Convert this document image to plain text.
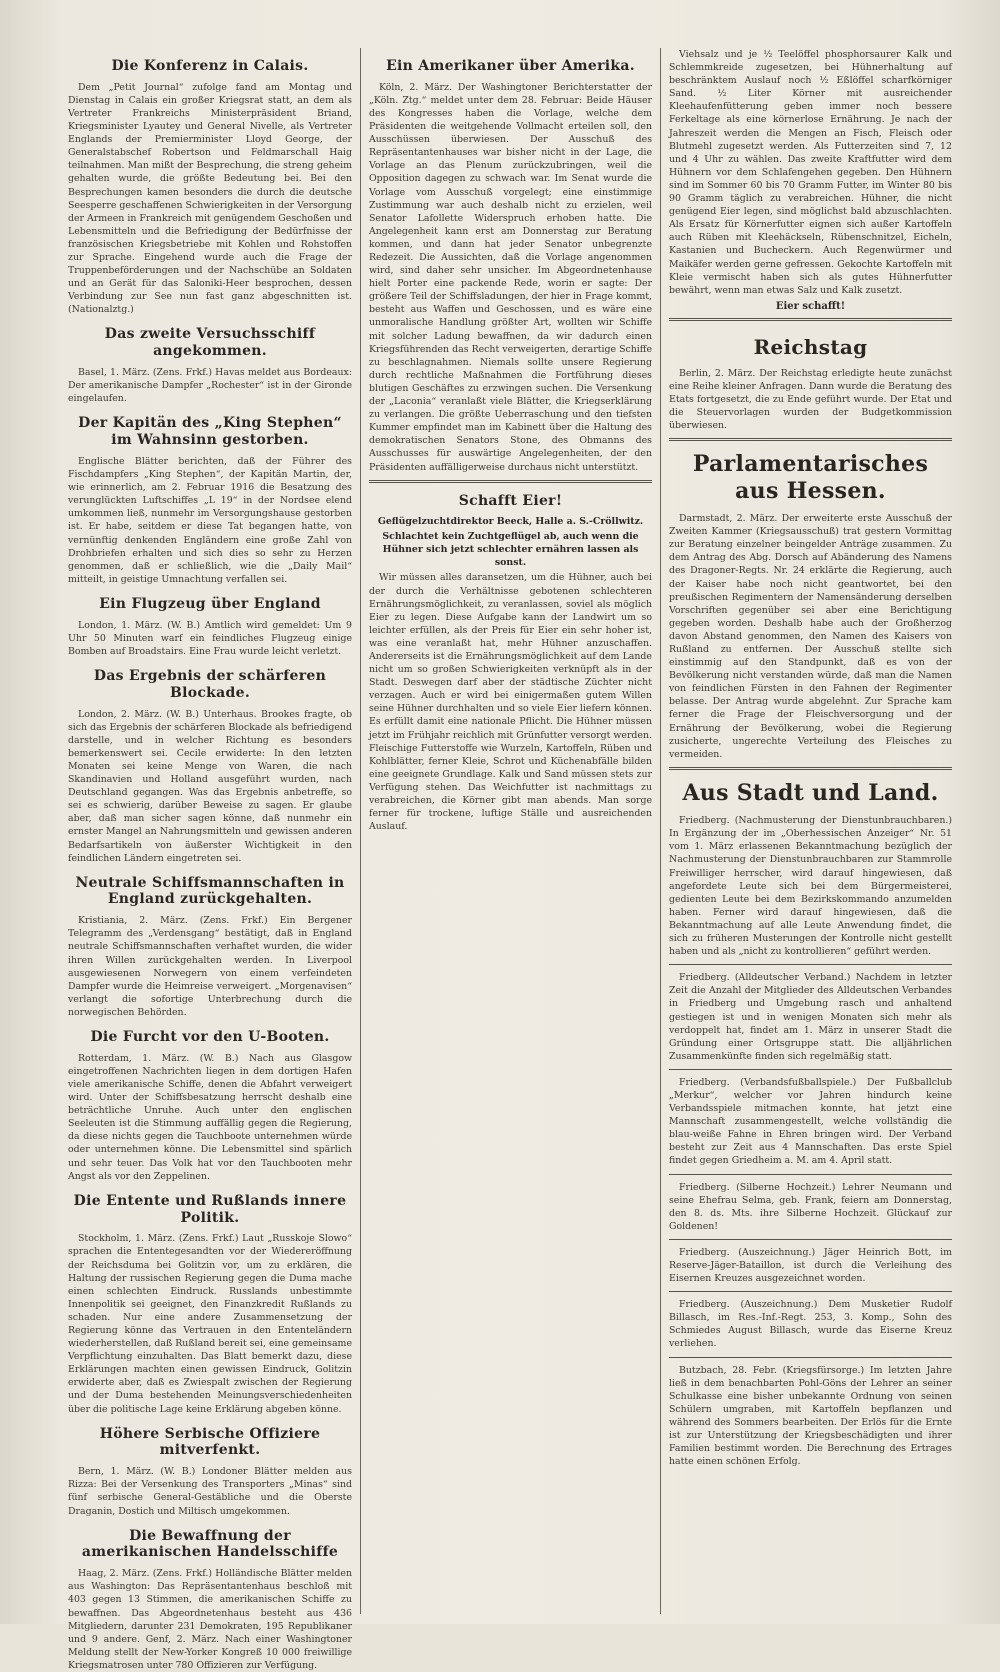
Die Konferenz in Calais.

Dem „Petit Journal“ zufolge fand am Montag und Dienstag in Calais ein großer Kriegsrat statt, an dem als Vertreter Frankreichs Ministerpräsident Briand, Kriegsminister Lyautey und General Nivelle, als Vertreter Englands der Premierminister Lloyd George, der Generalstabschef Robertson und Feldmarschall Haig teilnahmen. Man mißt der Besprechung, die streng geheim gehalten wurde, die größte Bedeutung bei. Bei den Besprechungen kamen besonders die durch die deutsche Seesperre geschaffenen Schwierigkeiten in der Versorgung der Armeen in Frankreich mit genügendem Geschoßen und Lebensmitteln und die Befriedigung der Bedürfnisse der französischen Kriegsbetriebe mit Kohlen und Rohstoffen zur Sprache. Eingehend wurde auch die Frage der Truppenbeförderungen und der Nachschübe an Soldaten und an Gerät für das Saloniki-Heer besprochen, dessen Verbindung zur See nun fast ganz abgeschnitten ist. (Nationalztg.)

Das zweite Versuchsschiff angekommen.

Basel, 1. März. (Zens. Frkf.) Havas meldet aus Bordeaux: Der amerikanische Dampfer „Rochester“ ist in der Gironde eingelaufen.

Der Kapitän des „King Stephen“ im Wahnsinn gestorben.

Englische Blätter berichten, daß der Führer des Fischdampfers „King Stephen“, der Kapitän Martin, der, wie erinnerlich, am 2. Februar 1916 die Besatzung des verunglückten Luftschiffes „L 19“ in der Nordsee elend umkommen ließ, nunmehr im Versorgungshause gestorben ist. Er habe, seitdem er diese Tat begangen hatte, von vernünftig denkenden Engländern eine große Zahl von Drohbriefen erhalten und sich dies so sehr zu Herzen genommen, daß er schließlich, wie die „Daily Mail“ mitteilt, in geistige Umnachtung verfallen sei.

Ein Flugzeug über England

London, 1. März. (W. B.) Amtlich wird gemeldet: Um 9 Uhr 50 Minuten warf ein feindliches Flugzeug einige Bomben auf Broadstairs. Eine Frau wurde leicht verletzt.

Das Ergebnis der schärferen Blockade.

London, 2. März. (W. B.) Unterhaus. Brookes fragte, ob sich das Ergebnis der schärferen Blockade als befriedigend darstelle, und in welcher Richtung es besonders bemerkenswert sei. Cecile erwiderte: In den letzten Monaten sei keine Menge von Waren, die nach Skandinavien und Holland ausgeführt wurden, nach Deutschland gegangen. Was das Ergebnis anbetreffe, so sei es schwierig, darüber Beweise zu sagen. Er glaube aber, daß man sicher sagen könne, daß nunmehr ein ernster Mangel an Nahrungsmitteln und gewissen anderen Bedarfsartikeln von äußerster Wichtigkeit in den feindlichen Ländern eingetreten sei.

Neutrale Schiffsmannschaften in England zurückgehalten.

Kristiania, 2. März. (Zens. Frkf.) Ein Bergener Telegramm des „Verdensgang“ bestätigt, daß in England neutrale Schiffsmannschaften verhaftet wurden, die wider ihren Willen zurückgehalten werden. In Liverpool ausgewiesenen Norwegern von einem verfeindeten Dampfer wurde die Heimreise verweigert. „Morgenavisen“ verlangt die sofortige Unterbrechung durch die norwegischen Behörden.

Die Furcht vor den U-Booten.

Rotterdam, 1. März. (W. B.) Nach aus Glasgow eingetroffenen Nachrichten liegen in dem dortigen Hafen viele amerikanische Schiffe, denen die Abfahrt verweigert wird. Unter der Schiffsbesatzung herrscht deshalb eine beträchtliche Unruhe. Auch unter den englischen Seeleuten ist die Stimmung auffällig gegen die Regierung, da diese nichts gegen die Tauchboote unternehmen würde oder unternehmen könne. Die Lebensmittel sind spärlich und sehr teuer. Das Volk hat vor den Tauchbooten mehr Angst als vor den Zeppelinen.

Die Entente und Rußlands innere Politik.

Stockholm, 1. März. (Zens. Frkf.) Laut „Russkoje Slowo“ sprachen die Ententegesandten vor der Wiedereröffnung der Reichsduma bei Golitzin vor, um zu erklären, die Haltung der russischen Regierung gegen die Duma mache einen schlechten Eindruck. Russlands unbestimmte Innenpolitik sei geeignet, den Finanzkredit Rußlands zu schaden. Nur eine andere Zusammensetzung der Regierung könne das Vertrauen in den Ententeländern wiederherstellen, daß Rußland bereit sei, eine gemeinsame Verpflichtung einzuhalten. Das Blatt bemerkt dazu, diese Erklärungen machten einen gewissen Eindruck, Golitzin erwiderte aber, daß es Zwiespalt zwischen der Regierung und der Duma bestehenden Meinungsverschiedenheiten über die politische Lage keine Erklärung abgeben könne.

Höhere Serbische Offiziere mitverfenkt.

Bern, 1. März. (W. B.) Londoner Blätter melden aus Rizza: Bei der Versenkung des Transporters „Minas“ sind fünf serbische General-Gestäbliche und die Oberste Draganin, Dostich und Miltisch umgekommen.

Die Bewaffnung der amerikanischen Handelsschiffe

Haag, 2. März. (Zens. Frkf.) Holländische Blätter melden aus Washington: Das Repräsentantenhaus beschloß mit 403 gegen 13 Stimmen, die amerikanischen Schiffe zu bewaffnen. Das Abgeordnetenhaus besteht aus 436 Mitgliedern, darunter 231 Demokraten, 195 Republikaner und 9 andere. Genf, 2. März. Nach einer Washingtoner Meldung stellt der New-Yorker Kongreß 10 000 freiwillige Kriegsmatrosen unter 780 Offizieren zur Verfügung.

Ein Amerikaner über Amerika.

Köln, 2. März. Der Washingtoner Berichterstatter der „Köln. Ztg.“ meldet unter dem 28. Februar: Beide Häuser des Kongresses haben die Vorlage, welche dem Präsidenten die weitgehende Vollmacht erteilen soll, den Ausschüssen überwiesen. Der Ausschuß des Repräsentantenhauses war bisher nicht in der Lage, die Vorlage an das Plenum zurückzubringen, weil die Opposition dagegen zu schwach war. Im Senat wurde die Vorlage vom Ausschuß vorgelegt; eine einstimmige Zustimmung war auch deshalb nicht zu erzielen, weil Senator Lafollette Widerspruch erhoben hatte. Die Angelegenheit kann erst am Donnerstag zur Beratung kommen, und dann hat jeder Senator unbegrenzte Redezeit. Die Aussichten, daß die Vorlage angenommen wird, sind daher sehr unsicher. Im Abgeordnetenhause hielt Porter eine packende Rede, worin er sagte: Der größere Teil der Schiffsladungen, der hier in Frage kommt, besteht aus Waffen und Geschossen, und es wäre eine unmoralische Handlung größter Art, wollten wir Schiffe mit solcher Ladung bewaffnen, da wir dadurch einen Kriegsführenden das Recht verweigerten, derartige Schiffe zu beschlagnahmen. Niemals sollte unsere Regierung durch rechtliche Maßnahmen die Fortführung dieses blutigen Geschäftes zu erzwingen suchen. Die Versenkung der „Laconia“ veranlaßt viele Blätter, die Kriegserklärung zu verlangen. Die größte Ueberraschung und den tiefsten Kummer empfindet man im Kabinett über die Haltung des demokratischen Senators Stone, des Obmanns des Ausschusses für auswärtige Angelegenheiten, der den Präsidenten auffälligerweise durchaus nicht unterstützt.

Schafft Eier!
Geflügelzuchtdirektor Beeck, Halle a. S.-Cröllwitz.
Schlachtet kein Zuchtgeflügel ab, auch wenn die Hühner sich jetzt schlechter ernähren lassen als sonst.

Wir müssen alles daransetzen, um die Hühner, auch bei der durch die Verhältnisse gebotenen schlechteren Ernährungsmöglichkeit, zu veranlassen, soviel als möglich Eier zu legen. Diese Aufgabe kann der Landwirt um so leichter erfüllen, als der Preis für Eier ein sehr hoher ist, was eine veranlaßt hat, mehr Hühner anzuschaffen. Andererseits ist die Ernährungsmöglichkeit auf dem Lande nicht um so großen Schwierigkeiten verknüpft als in der Stadt. Deswegen darf aber der städtische Züchter nicht verzagen. Auch er wird bei einigermaßen gutem Willen seine Hühner durchhalten und so viele Eier liefern können. Es erfüllt damit eine nationale Pflicht. Die Hühner müssen jetzt im Frühjahr reichlich mit Grünfutter versorgt werden. Fleischige Futterstoffe wie Wurzeln, Kartoffeln, Rüben und Kohlblätter, ferner Kleie, Schrot und Küchenabfälle bilden eine geeignete Grundlage. Kalk und Sand müssen stets zur Verfügung stehen. Das Weichfutter ist nachmittags zu verabreichen, die Körner gibt man abends. Man sorge ferner für trockene, luftige Ställe und ausreichenden Auslauf.

Viehsalz und je ½ Teelöffel phosphorsaurer Kalk und Schlemmkreide zugesetzen, bei Hühnerhaltung auf beschränktem Auslauf noch ½ Eßlöffel scharfkörniger Sand. ½ Liter Körner mit ausreichender Kleehaufenfütterung geben immer noch bessere Ferkeltage als eine körnerlose Ernährung. Je nach der Jahreszeit werden die Mengen an Fisch, Fleisch oder Blutmehl zugesetzt werden. Als Futterzeiten sind 7, 12 und 4 Uhr zu wählen. Das zweite Kraftfutter wird dem Hühnern vor dem Schlafengehen gegeben. Den Hühnern sind im Sommer 60 bis 70 Gramm Futter, im Winter 80 bis 90 Gramm täglich zu verabreichen. Hühner, die nicht genügend Eier legen, sind möglichst bald abzuschlachten. Als Ersatz für Körnerfutter eignen sich außer Kartoffeln auch Rüben mit Kleehäckseln, Rübenschnitzel, Eicheln, Kastanien und Bucheckern. Auch Regenwürmer und Maikäfer werden gerne gefressen. Gekochte Kartoffeln mit Kleie vermischt haben sich als gutes Hühnerfutter bewährt, wenn man etwas Salz und Kalk zusetzt.

Eier schafft!
Reichstag

Berlin, 2. März. Der Reichstag erledigte heute zunächst eine Reihe kleiner Anfragen. Dann wurde die Beratung des Etats fortgesetzt, die zu Ende geführt wurde. Der Etat und die Steuervorlagen wurden der Budgetkommission überwiesen.

Parlamentarisches aus Hessen.

Darmstadt, 2. März. Der erweiterte erste Ausschuß der Zweiten Kammer (Kriegsausschuß) trat gestern Vormittag zur Beratung einzelner beingelder Anträge zusammen. Zu dem Antrag des Abg. Dorsch auf Abänderung des Namens des Dragoner-Regts. Nr. 24 erklärte die Regierung, auch der Kaiser habe noch nicht geantwortet, bei den preußischen Regimentern der Namensänderung derselben Vorschriften gegenüber sei aber eine Berichtigung gegeben worden. Deshalb habe auch der Großherzog davon Abstand genommen, den Namen des Kaisers von Rußland zu entfernen. Der Ausschuß stellte sich einstimmig auf den Standpunkt, daß es von der Bevölkerung nicht verstanden würde, daß man die Namen von feindlichen Fürsten in den Fahnen der Regimenter belasse. Der Antrag wurde abgelehnt. Zur Sprache kam ferner die Frage der Fleischversorgung und der Ernährung der Bevölkerung, wobei die Regierung zusicherte, ungerechte Verteilung des Fleisches zu vermeiden.

Aus Stadt und Land.

Friedberg. (Nachmusterung der Dienstunbrauchbaren.) In Ergänzung der im „Oberhessischen Anzeiger“ Nr. 51 vom 1. März erlassenen Bekanntmachung bezüglich der Nachmusterung der Dienstunbrauchbaren zur Stammrolle Freiwilliger herrscher, wird darauf hingewiesen, daß angefordete Leute sich bei dem Bürgermeisterei, gedienten Leute bei dem Bezirkskommando anzumelden haben. Ferner wird darauf hingewiesen, daß die Bekanntmachung auf alle Leute Anwendung findet, die sich zu früheren Musterungen der Kontrolle nicht gestellt haben und als „nicht zu kontrollieren“ geführt werden.

Friedberg. (Alldeutscher Verband.) Nachdem in letzter Zeit die Anzahl der Mitglieder des Alldeutschen Verbandes in Friedberg und Umgebung rasch und anhaltend gestiegen ist und in wenigen Monaten sich mehr als verdoppelt hat, findet am 1. März in unserer Stadt die Gründung einer Ortsgruppe statt. Die alljährlichen Zusammenkünfte finden sich regelmäßig statt.

Friedberg. (Verbandsfußballspiele.) Der Fußballclub „Merkur“, welcher vor Jahren hindurch keine Verbandsspiele mitmachen konnte, hat jetzt eine Mannschaft zusammengestellt, welche vollständig die blau-weiße Fahne in Ehren bringen wird. Der Verband besteht zur Zeit aus 4 Mannschaften. Das erste Spiel findet gegen Griedheim a. M. am 4. April statt.

Friedberg. (Silberne Hochzeit.) Lehrer Neumann und seine Ehefrau Selma, geb. Frank, feiern am Donnerstag, den 8. ds. Mts. ihre Silberne Hochzeit. Glückauf zur Goldenen!

Friedberg. (Auszeichnung.) Jäger Heinrich Bott, im Reserve-Jäger-Bataillon, ist durch die Verleihung des Eisernen Kreuzes ausgezeichnet worden.

Friedberg. (Auszeichnung.) Dem Musketier Rudolf Billasch, im Res.-Inf.-Regt. 253, 3. Komp., Sohn des Schmiedes August Billasch, wurde das Eiserne Kreuz verliehen.

Butzbach, 28. Febr. (Kriegsfürsorge.) Im letzten Jahre ließ in dem benachbarten Pohl-Göns der Lehrer an seiner Schulkasse eine bisher unbekannte Ordnung von seinen Schülern umgraben, mit Kartoffeln bepflanzen und während des Sommers bearbeiten. Der Erlös für die Ernte ist zur Unterstützung der Kriegsbeschädigten und ihrer Familien bestimmt worden. Die Berechnung des Ertrages hatte einen schönen Erfolg.
